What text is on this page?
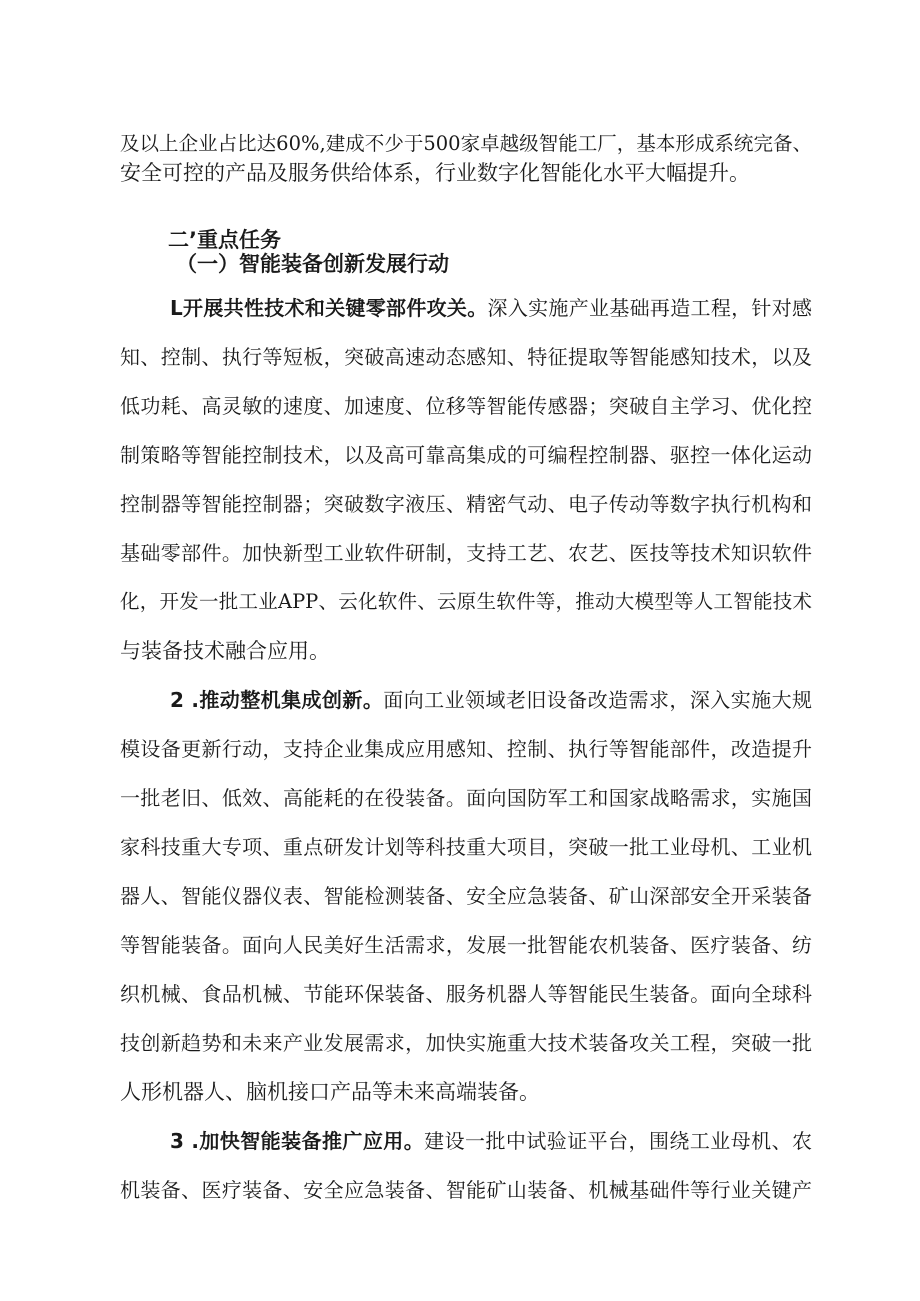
及以上企业占比达60%,建成不少于500家卓越级智能工厂，基本形成系统完备、
安全可控的产品及服务供给体系，行业数字化智能化水平大幅提升。
二’重点任务
（一）智能装备创新发展行动
L开展共性技术和关键零部件攻关。深入实施产业基础再造工程，针对感
知、控制、执行等短板，突破高速动态感知、特征提取等智能感知技术，以及
低功耗、高灵敏的速度、加速度、位移等智能传感器；突破自主学习、优化控
制策略等智能控制技术，以及高可靠高集成的可编程控制器、驱控一体化运动
控制器等智能控制器；突破数字液压、精密气动、电子传动等数字执行机构和
基础零部件。加快新型工业软件研制，支持工艺、农艺、医技等技术知识软件
化，开发一批工业APP、云化软件、云原生软件等，推动大模型等人工智能技术
与装备技术融合应用。
2 .推动整机集成创新。面向工业领域老旧设备改造需求，深入实施大规
模设备更新行动，支持企业集成应用感知、控制、执行等智能部件，改造提升
一批老旧、低效、高能耗的在役装备。面向国防军工和国家战略需求，实施国
家科技重大专项、重点研发计划等科技重大项目，突破一批工业母机、工业机
器人、智能仪器仪表、智能检测装备、安全应急装备、矿山深部安全开采装备
等智能装备。面向人民美好生活需求，发展一批智能农机装备、医疗装备、纺
织机械、食品机械、节能环保装备、服务机器人等智能民生装备。面向全球科
技创新趋势和未来产业发展需求，加快实施重大技术装备攻关工程，突破一批
人形机器人、脑机接口产品等未来高端装备。
3 .加快智能装备推广应用。建设一批中试验证平台，围绕工业母机、农
机装备、医疗装备、安全应急装备、智能矿山装备、机械基础件等行业关键产
